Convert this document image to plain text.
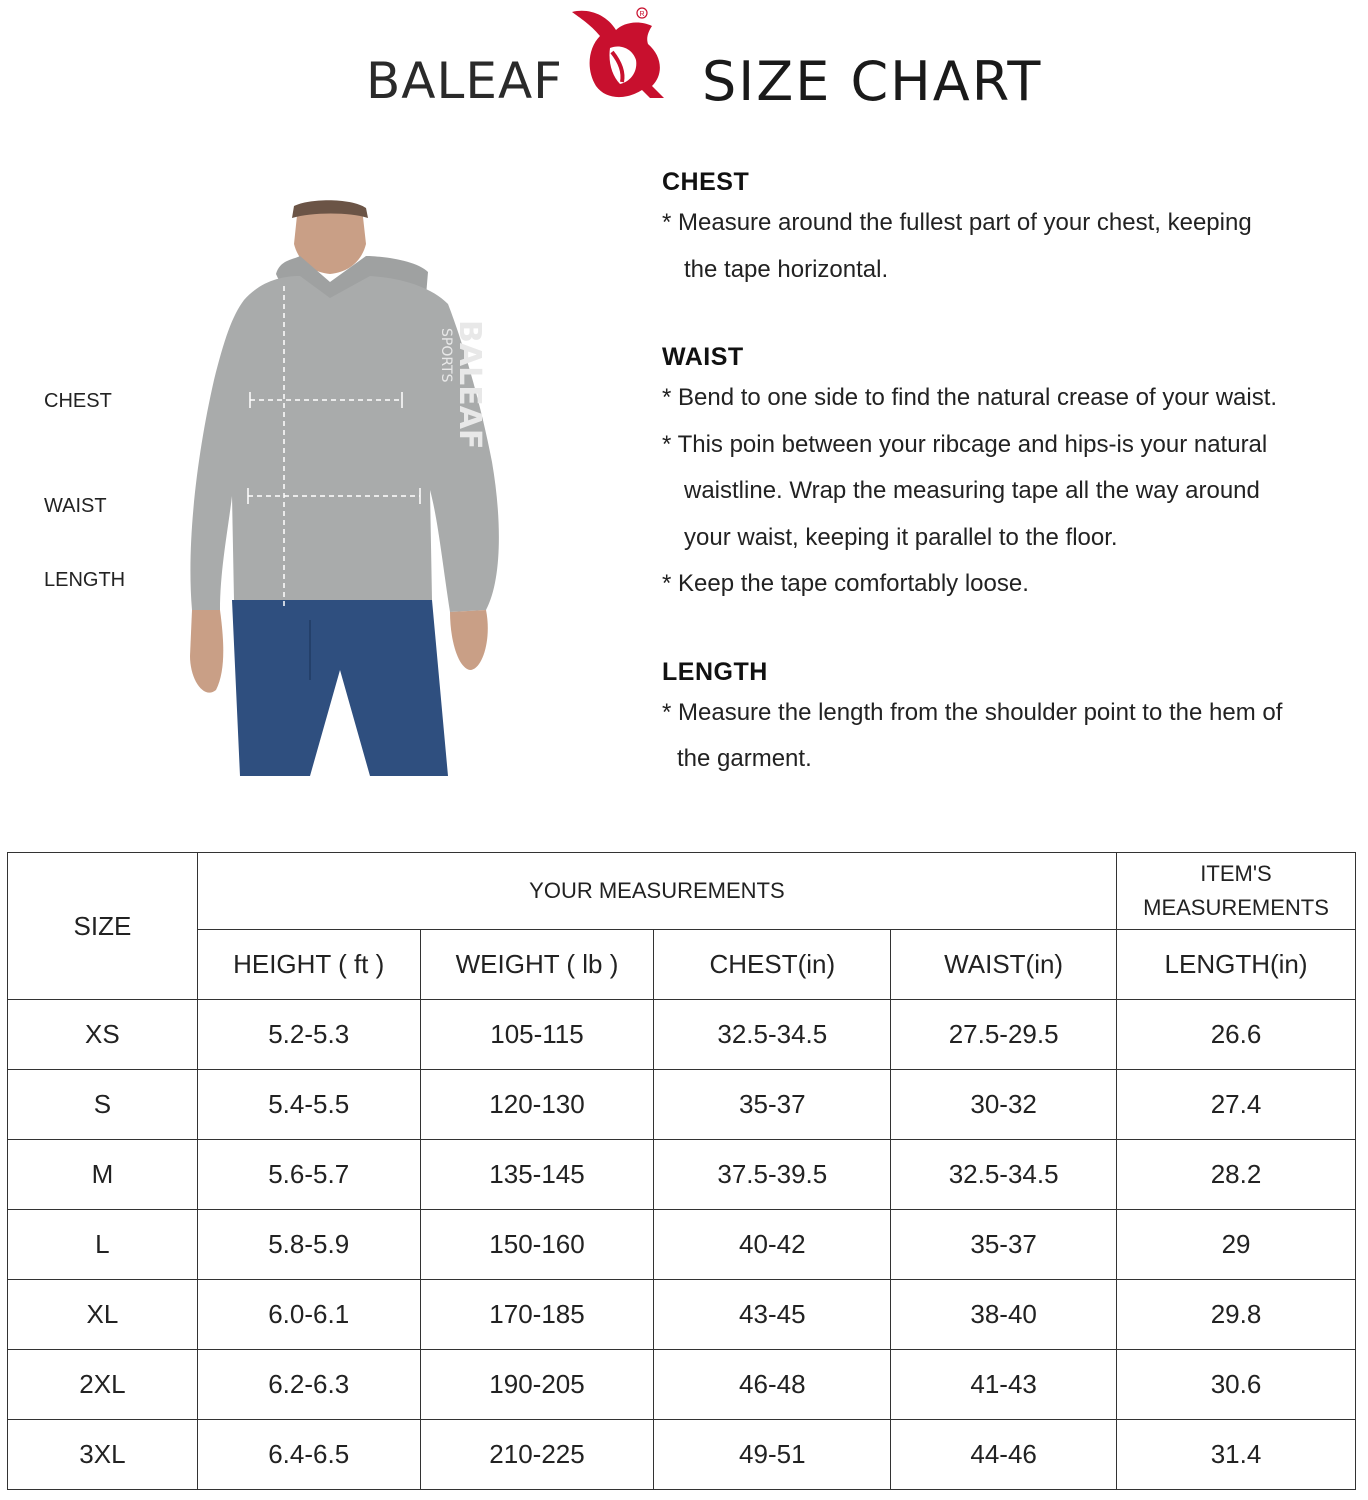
BALEAF
R
SIZE CHART
BALEAF
SPORTS
CHEST
WAIST
LENGTH
CHEST
* Measure around the fullest part of your chest, keeping
the tape horizontal.
WAIST
* Bend to one side to find the natural crease of your waist.
* This poin between your ribcage and hips-is your natural
waistline. Wrap the measuring tape all the way around
your waist, keeping it parallel to the floor.
* Keep the tape comfortably loose.
LENGTH
* Measure the length from the shoulder point to the hem of
the garment.
SIZE	YOUR MEASUREMENTS				ITEM'S
MEASUREMENTS

	HEIGHT ( ft )	WEIGHT ( lb )	CHEST(in)	WAIST(in)	LENGTH(in)
XS	5.2-5.3	105-115	32.5-34.5	27.5-29.5	26.6
S	5.4-5.5	120-130	35-37	30-32	27.4
M	5.6-5.7	135-145	37.5-39.5	32.5-34.5	28.2
L	5.8-5.9	150-160	40-42	35-37	29
XL	6.0-6.1	170-185	43-45	38-40	29.8
2XL	6.2-6.3	190-205	46-48	41-43	30.6
3XL	6.4-6.5	210-225	49-51	44-46	31.4
